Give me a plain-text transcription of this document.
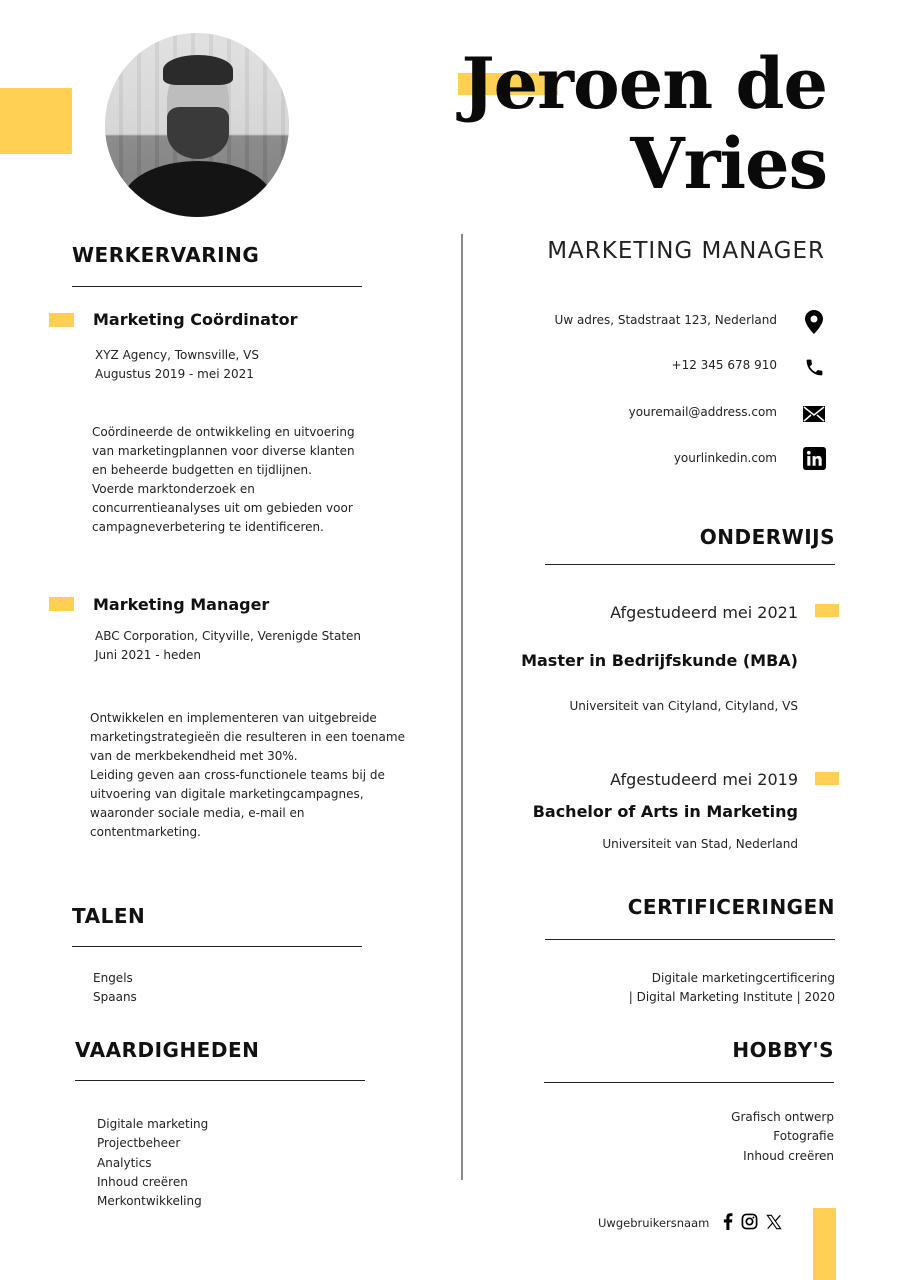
Jeroen de
Vries
MARKETING MANAGER
WERKERVARING
Marketing Coördinator
XYZ Agency, Townsville, VS
Augustus 2019 - mei 2021
Coördineerde de ontwikkeling en uitvoering
van marketingplannen voor diverse klanten
en beheerde budgetten en tijdlijnen.
Voerde marktonderzoek en
concurrentieanalyses uit om gebieden voor
campagneverbetering te identificeren.
Marketing Manager
ABC Corporation, Cityville, Verenigde Staten
Juni 2021 - heden
Ontwikkelen en implementeren van uitgebreide
marketingstrategieën die resulteren in een toename
van de merkbekendheid met 30%.
Leiding geven aan cross-functionele teams bij de
uitvoering van digitale marketingcampagnes,
waaronder sociale media, e-mail en
contentmarketing.
TALEN
Engels
Spaans
VAARDIGHEDEN
Digitale marketing
Projectbeheer
Analytics
Inhoud creëren
Merkontwikkeling
Uw adres, Stadstraat 123, Nederland
+12 345 678 910
youremail@address.com
yourlinkedin.com
ONDERWIJS
Afgestudeerd mei 2021
Master in Bedrijfskunde (MBA)
Universiteit van Cityland, Cityland, VS
Afgestudeerd mei 2019
Bachelor of Arts in Marketing
Universiteit van Stad, Nederland
CERTIFICERINGEN
Digitale marketingcertificering
| Digital Marketing Institute | 2020
HOBBY'S
Grafisch ontwerp
Fotografie
Inhoud creëren
Uwgebruikersnaam
